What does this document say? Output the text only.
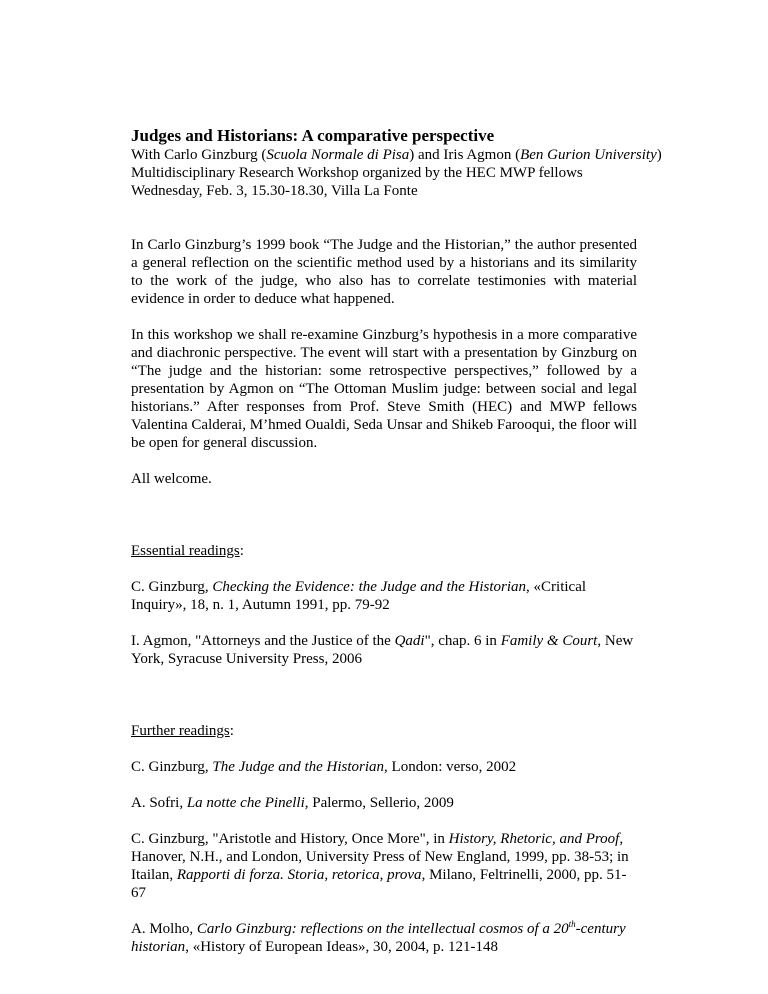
Judges and Historians: A comparative perspective

With Carlo Ginzburg (Scuola Normale di Pisa) and Iris Agmon (Ben Gurion University)

Multidisciplinary Research Workshop organized by the HEC MWP fellows

Wednesday, Feb. 3, 15.30-18.30, Villa La Fonte

In Carlo Ginzburg’s 1999 book “The Judge and the Historian,” the author presented a general reflection on the scientific method used by a historians and its similarity to the work of the judge, who also has to correlate testimonies with material evidence in order to deduce what happened.

In this workshop we shall re-examine Ginzburg’s hypothesis in a more comparative and diachronic perspective. The event will start with a presentation by Ginzburg on “The judge and the historian: some retrospective perspectives,” followed by a presentation by Agmon on “The Ottoman Muslim judge: between social and legal historians.” After responses from Prof. Steve Smith (HEC) and MWP fellows Valentina Calderai, M’hmed Oualdi, Seda Unsar and Shikeb Farooqui, the floor will be open for general discussion.

All welcome.

Essential readings:

C. Ginzburg, Checking the Evidence: the Judge and the Historian, «Critical Inquiry», 18, n. 1, Autumn 1991, pp. 79-92

I. Agmon, "Attorneys and the Justice of the Qadi", chap. 6 in Family & Court, New York, Syracuse University Press, 2006

Further readings:

C. Ginzburg, The Judge and the Historian, London: verso, 2002

A. Sofri, La notte che Pinelli, Palermo, Sellerio, 2009

C. Ginzburg, "Aristotle and History, Once More", in History, Rhetoric, and Proof, Hanover, N.H., and London, University Press of New England, 1999, pp. 38-53; in Itailan, Rapporti di forza. Storia, retorica, prova, Milano, Feltrinelli, 2000, pp. 51-67

A. Molho, Carlo Ginzburg: reflections on the intellectual cosmos of a 20th-century historian, «History of European Ideas», 30, 2004, p. 121-148
